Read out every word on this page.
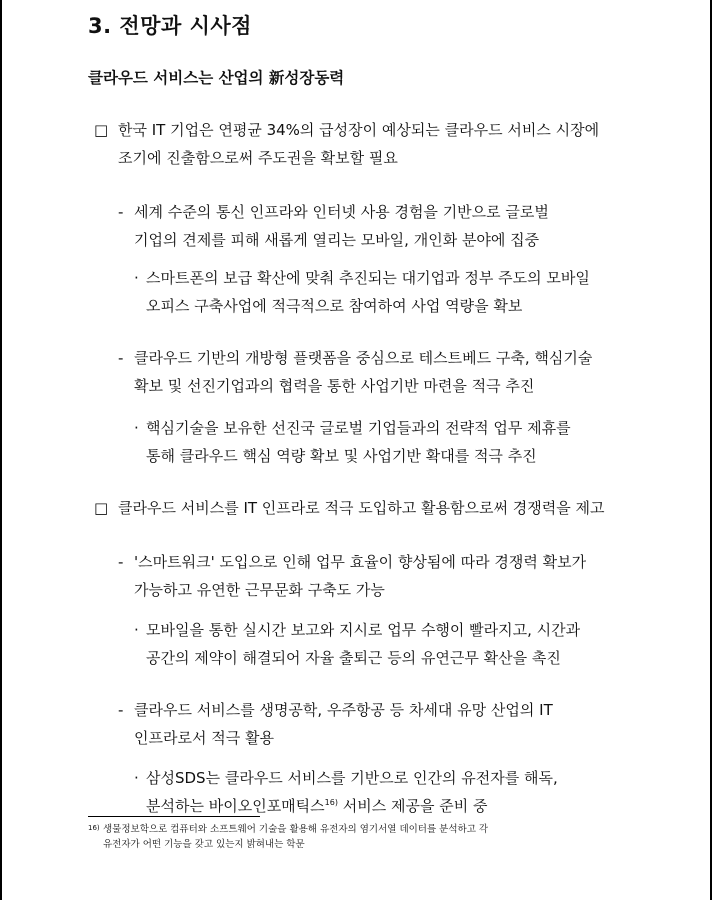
3. 전망과 시사점
클라우드 서비스는 산업의 新성장동력
□ 한국 IT 기업은 연평균 34%의 급성장이 예상되는 클라우드 서비스 시장에
조기에 진출함으로써 주도권을 확보할 필요
- 세계 수준의 통신 인프라와 인터넷 사용 경험을 기반으로 글로벌
기업의 견제를 피해 새롭게 열리는 모바일, 개인화 분야에 집중
· 스마트폰의 보급 확산에 맞춰 추진되는 대기업과 정부 주도의 모바일
오피스 구축사업에 적극적으로 참여하여 사업 역량을 확보
- 클라우드 기반의 개방형 플랫폼을 중심으로 테스트베드 구축, 핵심기술
확보 및 선진기업과의 협력을 통한 사업기반 마련을 적극 추진
· 핵심기술을 보유한 선진국 글로벌 기업들과의 전략적 업무 제휴를
통해 클라우드 핵심 역량 확보 및 사업기반 확대를 적극 추진
□ 클라우드 서비스를 IT 인프라로 적극 도입하고 활용함으로써 경쟁력을 제고
- '스마트워크' 도입으로 인해 업무 효율이 향상됨에 따라 경쟁력 확보가
가능하고 유연한 근무문화 구축도 가능
· 모바일을 통한 실시간 보고와 지시로 업무 수행이 빨라지고, 시간과
공간의 제약이 해결되어 자율 출퇴근 등의 유연근무 확산을 촉진
- 클라우드 서비스를 생명공학, 우주항공 등 차세대 유망 산업의 IT
인프라로서 적극 활용
· 삼성SDS는 클라우드 서비스를 기반으로 인간의 유전자를 해독,
분석하는 바이오인포매틱스$^{16)}$ 서비스 제공을 준비 중
16) 생물정보학으로 컴퓨터와 소프트웨어 기술을 활용해 유전자의 염기서열 데이터를 분석하고 각
유전자가 어떤 기능을 갖고 있는지 밝혀내는 학문
